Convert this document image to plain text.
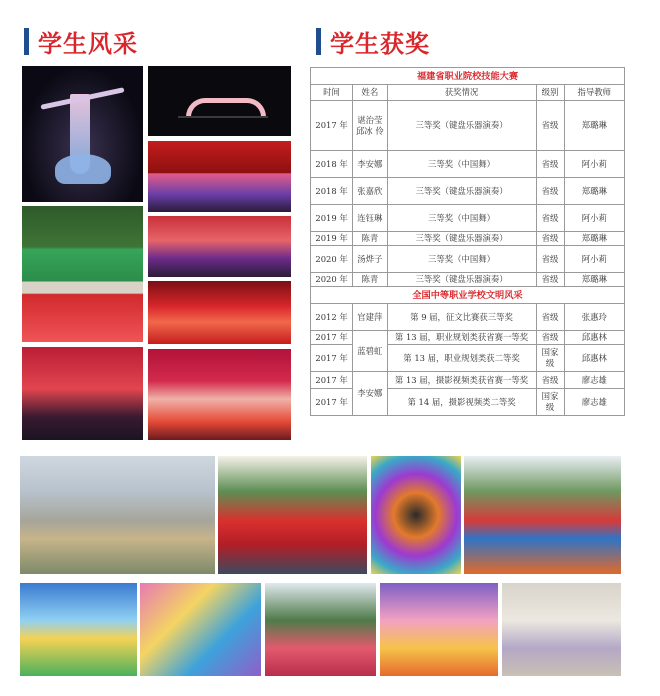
学生风采	学生获奖
福建省职业院校技能大赛				
时间	姓名	获奖情况	级别	指导教师
2017 年	谌治莹 邱冰 伶	三等奖（键盘乐器演奏）	省级	郑璐琳
2018 年	李安娜	三等奖（中国舞）	省级	阿小莉
2018 年	张嘉欣	三等奖（键盘乐器演奏）	省级	郑璐琳
2019 年	连钰琳	三等奖（中国舞）	省级	阿小莉
2019 年	陈青	三等奖（键盘乐器演奏）	省级	郑璐琳
2020 年	汤烨子	三等奖（中国舞）	省级	阿小莉
2020 年	陈青	三等奖（键盘乐器演奏）	省级	郑璐琳
全国中等职业学校文明风采				
2012 年	官建萍	第 9 届，征文比赛获三等奖	省级	张惠玲
2017 年	蓝碧虹	第 13 届，职业规划类获省赛一等奖	省级	邱惠林
2017 年		第 13 届，职业规划类获二等奖	国家级	邱惠林
2017 年	李安娜	第 13 届，摄影视频类获省赛一等奖	省级	廖志雄
2017 年		第 14 届，摄影视频类二等奖	国家级	廖志雄
